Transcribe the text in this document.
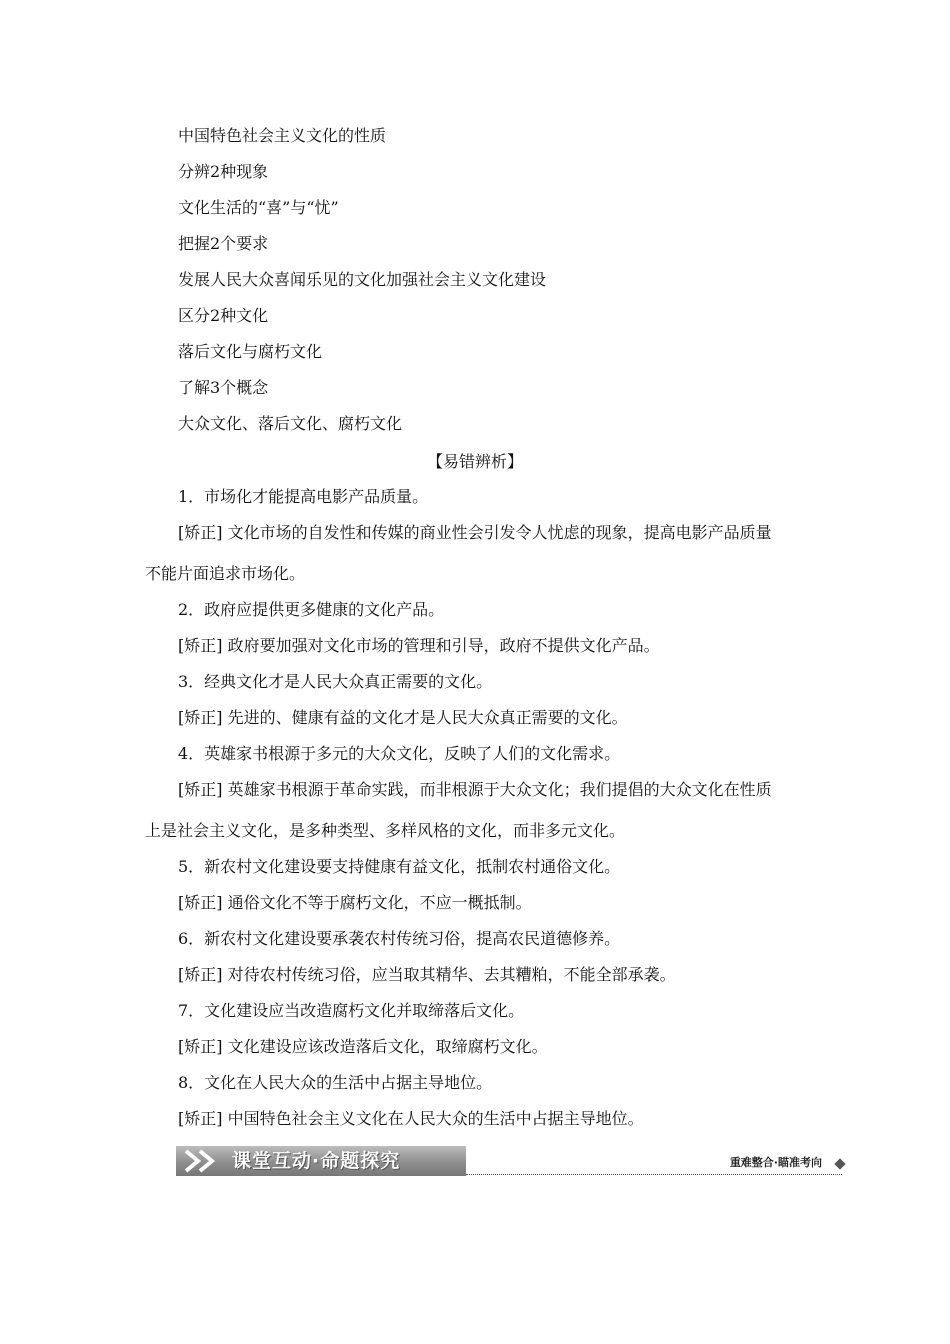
中国特色社会主义文化的性质
分辨2种现象
文化生活的“喜”与“忧”
把握2个要求
发展人民大众喜闻乐见的文化加强社会主义文化建设
区分2种文化
落后文化与腐朽文化
了解3个概念
大众文化、落后文化、腐朽文化
【易错辨析】
1．市场化才能提高电影产品质量。
[矫正] 文化市场的自发性和传媒的商业性会引发令人忧虑的现象，提高电影产品质量
不能片面追求市场化。
2．政府应提供更多健康的文化产品。
[矫正] 政府要加强对文化市场的管理和引导，政府不提供文化产品。
3．经典文化才是人民大众真正需要的文化。
[矫正] 先进的、健康有益的文化才是人民大众真正需要的文化。
4．英雄家书根源于多元的大众文化，反映了人们的文化需求。
[矫正] 英雄家书根源于革命实践，而非根源于大众文化；我们提倡的大众文化在性质
上是社会主义文化，是多种类型、多样风格的文化，而非多元文化。
5．新农村文化建设要支持健康有益文化，抵制农村通俗文化。
[矫正] 通俗文化不等于腐朽文化，不应一概抵制。
6．新农村文化建设要承袭农村传统习俗，提高农民道德修养。
[矫正] 对待农村传统习俗，应当取其精华、去其糟粕，不能全部承袭。
7．文化建设应当改造腐朽文化并取缔落后文化。
[矫正] 文化建设应该改造落后文化，取缔腐朽文化。
8．文化在人民大众的生活中占据主导地位。
[矫正] 中国特色社会主义文化在人民大众的生活中占据主导地位。
课堂互动·命题探究	重难整合·瞄准考向
